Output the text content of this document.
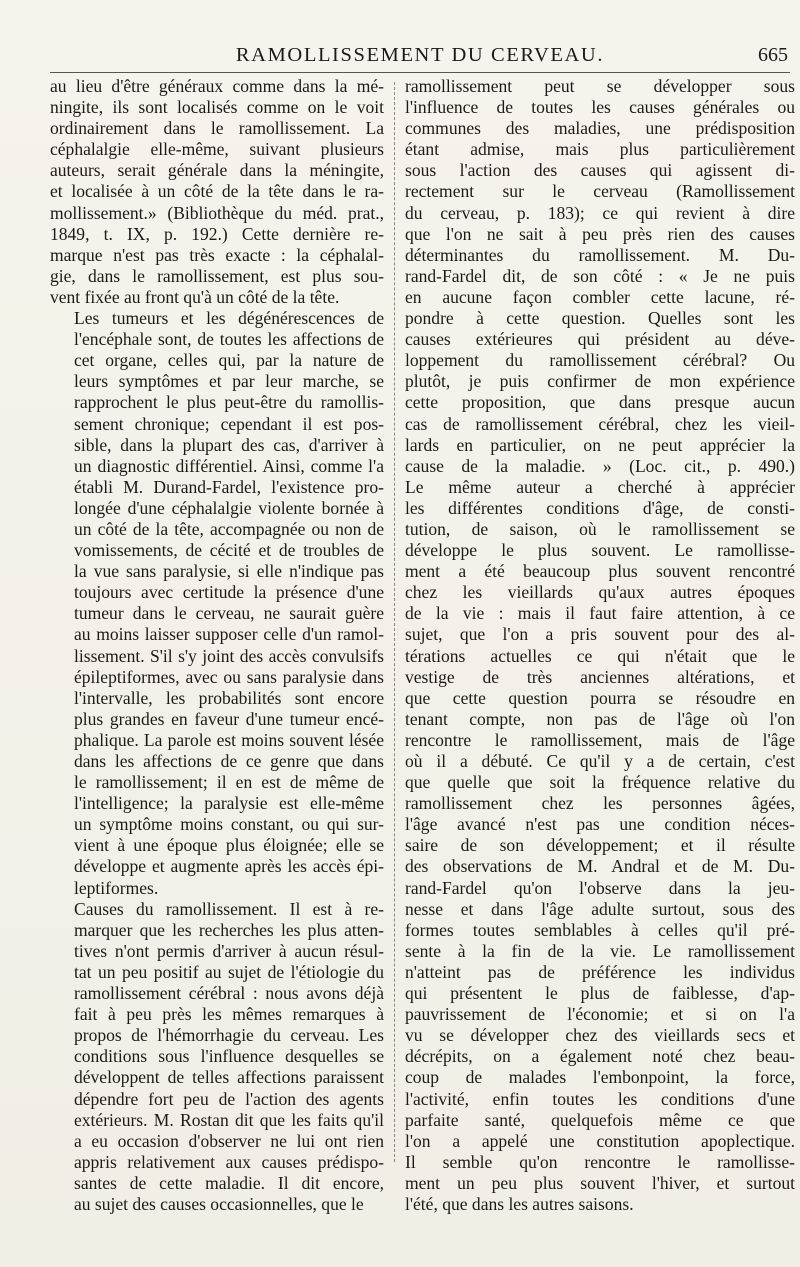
RAMOLLISSEMENT DU CERVEAU.	665

au lieu d'être généraux comme dans la mé-
ningite, ils sont localisés comme on le voit
ordinairement dans le ramollissement. La
céphalalgie elle-même, suivant plusieurs
auteurs, serait générale dans la méningite,
et localisée à un côté de la tête dans le ra-
mollissement.» (Bibliothèque du méd. prat.,
1849, t. IX, p. 192.) Cette dernière re-
marque n'est pas très exacte : la céphalal-
gie, dans le ramollissement, est plus sou-
vent fixée au front qu'à un côté de la tête.

Les tumeurs et les dégénérescences de
l'encéphale sont, de toutes les affections de
cet organe, celles qui, par la nature de
leurs symptômes et par leur marche, se
rapprochent le plus peut-être du ramollis-
sement chronique; cependant il est pos-
sible, dans la plupart des cas, d'arriver à
un diagnostic différentiel. Ainsi, comme l'a
établi M. Durand-Fardel, l'existence pro-
longée d'une céphalalgie violente bornée à
un côté de la tête, accompagnée ou non de
vomissements, de cécité et de troubles de
la vue sans paralysie, si elle n'indique pas
toujours avec certitude la présence d'une
tumeur dans le cerveau, ne saurait guère
au moins laisser supposer celle d'un ramol-
lissement. S'il s'y joint des accès convulsifs
épileptiformes, avec ou sans paralysie dans
l'intervalle, les probabilités sont encore
plus grandes en faveur d'une tumeur encé-
phalique. La parole est moins souvent lésée
dans les affections de ce genre que dans
le ramollissement; il en est de même de
l'intelligence; la paralysie est elle-même
un symptôme moins constant, ou qui sur-
vient à une époque plus éloignée; elle se
développe et augmente après les accès épi-
leptiformes.

Causes du ramollissement. Il est à re-
marquer que les recherches les plus atten-
tives n'ont permis d'arriver à aucun résul-
tat un peu positif au sujet de l'étiologie du
ramollissement cérébral : nous avons déjà
fait à peu près les mêmes remarques à
propos de l'hémorrhagie du cerveau. Les
conditions sous l'influence desquelles se
développent de telles affections paraissent
dépendre fort peu de l'action des agents
extérieurs. M. Rostan dit que les faits qu'il
a eu occasion d'observer ne lui ont rien
appris relativement aux causes prédispo-
santes de cette maladie. Il dit encore,
au sujet des causes occasionnelles, que le

ramollissement peut se développer sous
l'influence de toutes les causes générales ou
communes des maladies, une prédisposition
étant admise, mais plus particulièrement
sous l'action des causes qui agissent di-
rectement sur le cerveau (Ramollissement
du cerveau, p. 183); ce qui revient à dire
que l'on ne sait à peu près rien des causes
déterminantes du ramollissement. M. Du-
rand-Fardel dit, de son côté : « Je ne puis
en aucune façon combler cette lacune, ré-
pondre à cette question. Quelles sont les
causes extérieures qui président au déve-
loppement du ramollissement cérébral? Ou
plutôt, je puis confirmer de mon expérience
cette proposition, que dans presque aucun
cas de ramollissement cérébral, chez les vieil-
lards en particulier, on ne peut apprécier la
cause de la maladie. » (Loc. cit., p. 490.)
Le même auteur a cherché à apprécier
les différentes conditions d'âge, de consti-
tution, de saison, où le ramollissement se
développe le plus souvent. Le ramollisse-
ment a été beaucoup plus souvent rencontré
chez les vieillards qu'aux autres époques
de la vie : mais il faut faire attention, à ce
sujet, que l'on a pris souvent pour des al-
térations actuelles ce qui n'était que le
vestige de très anciennes altérations, et
que cette question pourra se résoudre en
tenant compte, non pas de l'âge où l'on
rencontre le ramollissement, mais de l'âge
où il a débuté. Ce qu'il y a de certain, c'est
que quelle que soit la fréquence relative du
ramollissement chez les personnes âgées,
l'âge avancé n'est pas une condition néces-
saire de son développement; et il résulte
des observations de M. Andral et de M. Du-
rand-Fardel qu'on l'observe dans la jeu-
nesse et dans l'âge adulte surtout, sous des
formes toutes semblables à celles qu'il pré-
sente à la fin de la vie. Le ramollissement
n'atteint pas de préférence les individus
qui présentent le plus de faiblesse, d'ap-
pauvrissement de l'économie; et si on l'a
vu se développer chez des vieillards secs et
décrépits, on a également noté chez beau-
coup de malades l'embonpoint, la force,
l'activité, enfin toutes les conditions d'une
parfaite santé, quelquefois même ce que
l'on a appelé une constitution apoplectique.
Il semble qu'on rencontre le ramollisse-
ment un peu plus souvent l'hiver, et surtout
l'été, que dans les autres saisons.
